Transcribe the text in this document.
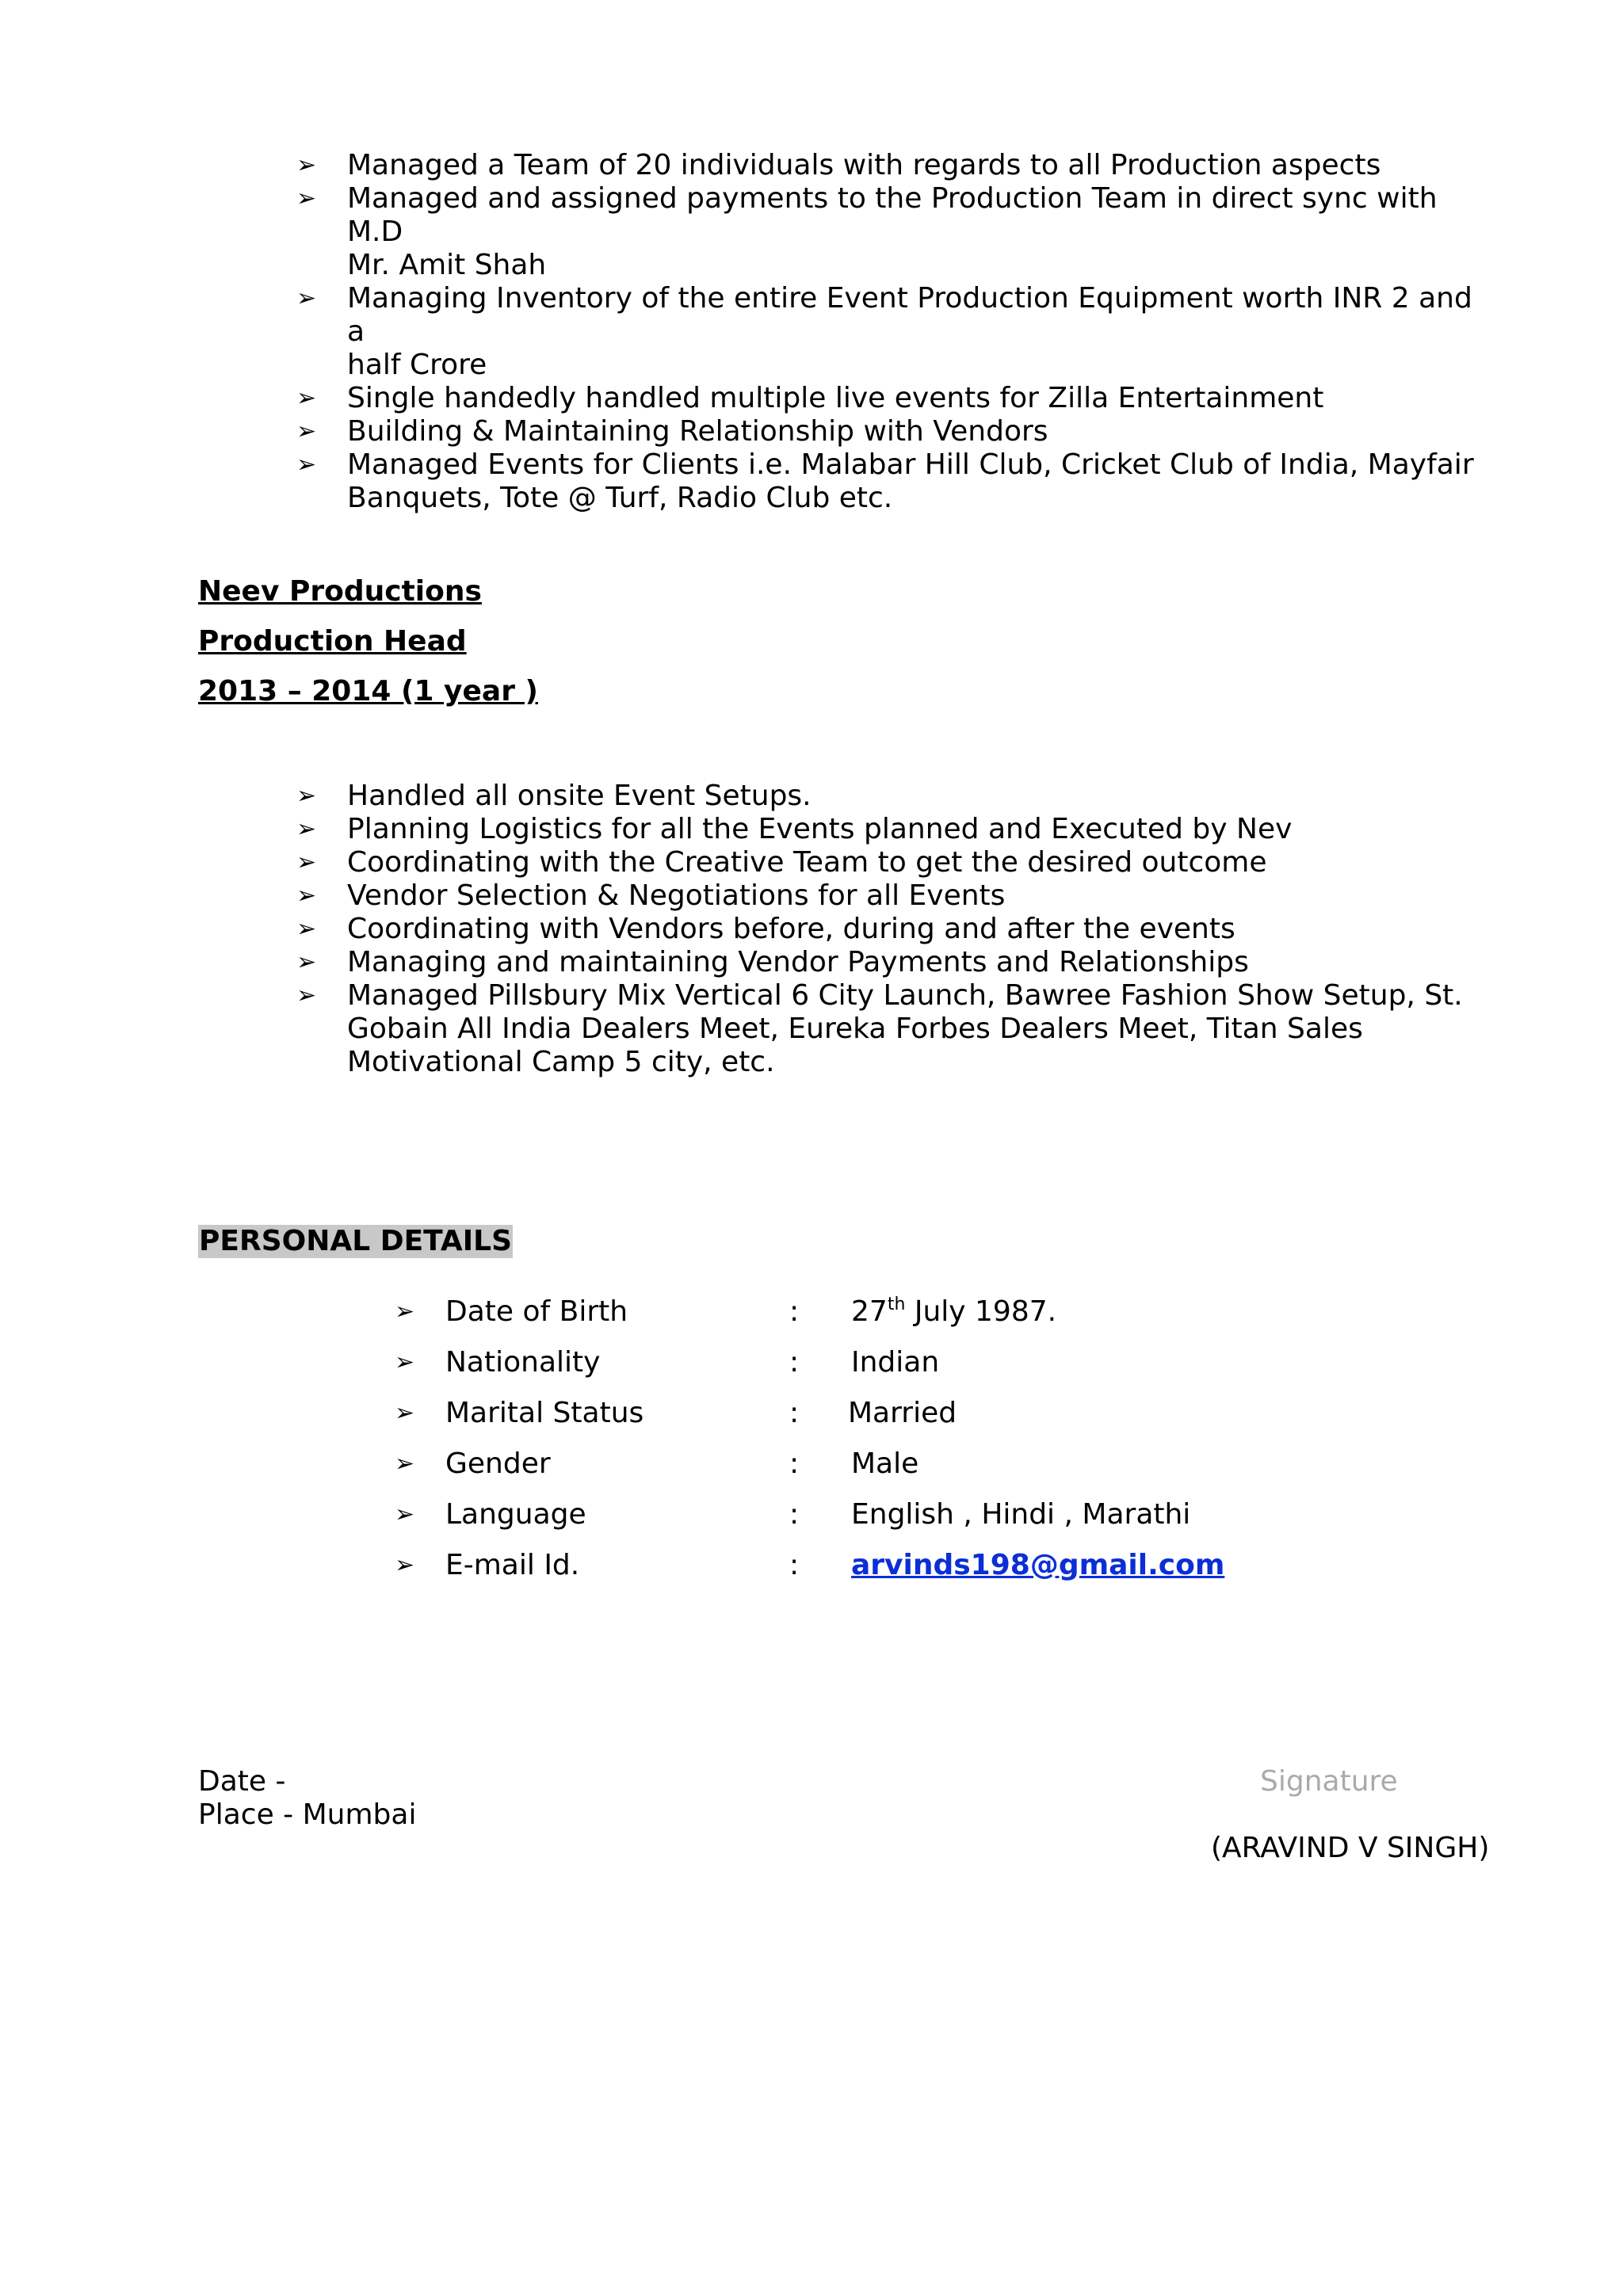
➢ Managed a Team of 20 individuals with regards to all Production aspects
➢ Managed and assigned payments to the Production Team in direct sync with M.D
Mr. Amit Shah
➢ Managing Inventory of the entire Event Production Equipment worth INR 2 and a
half Crore
➢ Single handedly handled multiple live events for Zilla Entertainment
➢ Building & Maintaining Relationship with Vendors
➢ Managed Events for Clients i.e. Malabar Hill Club, Cricket Club of India, Mayfair
Banquets, Tote @ Turf, Radio Club etc.

Neev Productions

Production Head

2013 – 2014 (1 year )

➢ Handled all onsite Event Setups.
➢ Planning Logistics for all the Events planned and Executed by Nev
➢ Coordinating with the Creative Team to get the desired outcome
➢ Vendor Selection & Negotiations for all Events
➢ Coordinating with Vendors before, during and after the events
➢ Managing and maintaining Vendor Payments and Relationships
➢ Managed Pillsbury Mix Vertical 6 City Launch, Bawree Fashion Show Setup, St.
Gobain All India Dealers Meet, Eureka Forbes Dealers Meet, Titan Sales
Motivational Camp 5 city, etc.
PERSONAL DETAILS
➢ Date of Birth	: 27th July 1987.
➢ Nationality	: Indian
➢ Marital Status	: Married
➢ Gender	: Male
➢ Language	: English , Hindi , Marathi
➢ E-mail Id.	: arvinds198@gmail.com

Date -

Place - Mumbai

Signature

(ARAVIND V SINGH)
